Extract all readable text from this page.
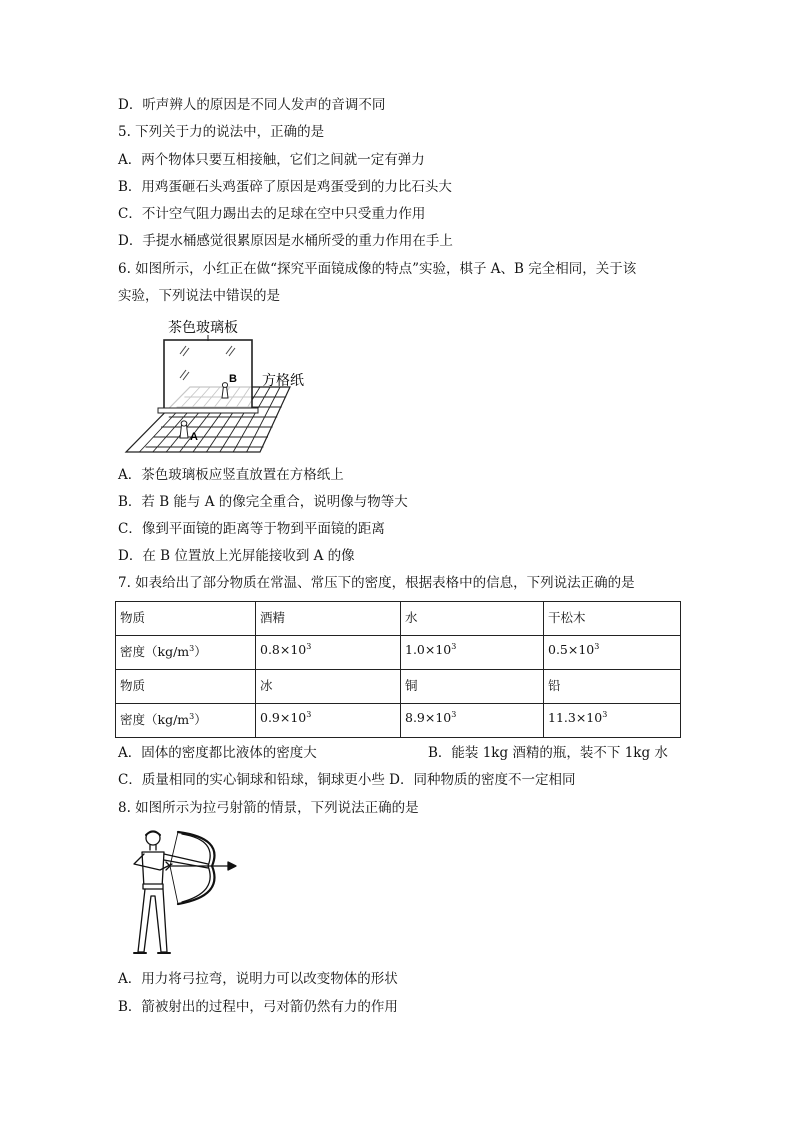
D．听声辨人的原因是不同人发声的音调不同
5. 下列关于力的说法中，正确的是
A．两个物体只要互相接触，它们之间就一定有弹力
B．用鸡蛋砸石头鸡蛋碎了原因是鸡蛋受到的力比石头大
C．不计空气阻力踢出去的足球在空中只受重力作用
D．手提水桶感觉很累原因是水桶所受的重力作用在手上
6. 如图所示，小红正在做“探究平面镜成像的特点”实验，棋子 A、B 完全相同，关于该
实验，下列说法中错误的是
B
A
茶色玻璃板
方格纸
A．茶色玻璃板应竖直放置在方格纸上
B．若 B 能与 A 的像完全重合，说明像与物等大
C．像到平面镜的距离等于物到平面镜的距离
D．在 B 位置放上光屏能接收到 A 的像
7. 如表给出了部分物质在常温、常压下的密度，根据表格中的信息，下列说法正确的是
物质	酒精	水	干松木
密度$(kg/m^3)$	$0.8\times 10^3$	$1.0\times 10^3$	$0.5\times 10^3$
物质	冰	铜	铅
密度$(kg/m^3)$	$0.9\times 10^3$	$8.9\times 10^3$	$11.3\times 10^3$
A．固体的密度都比液体的密度大	B．能装 1kg 酒精的瓶，装不下 1kg 水
C．质量相同的实心铜球和铅球，铜球更小些 D．同种物质的密度不一定相同
8. 如图所示为拉弓射箭的情景，下列说法正确的是
A．用力将弓拉弯，说明力可以改变物体的形状
B．箭被射出的过程中，弓对箭仍然有力的作用
